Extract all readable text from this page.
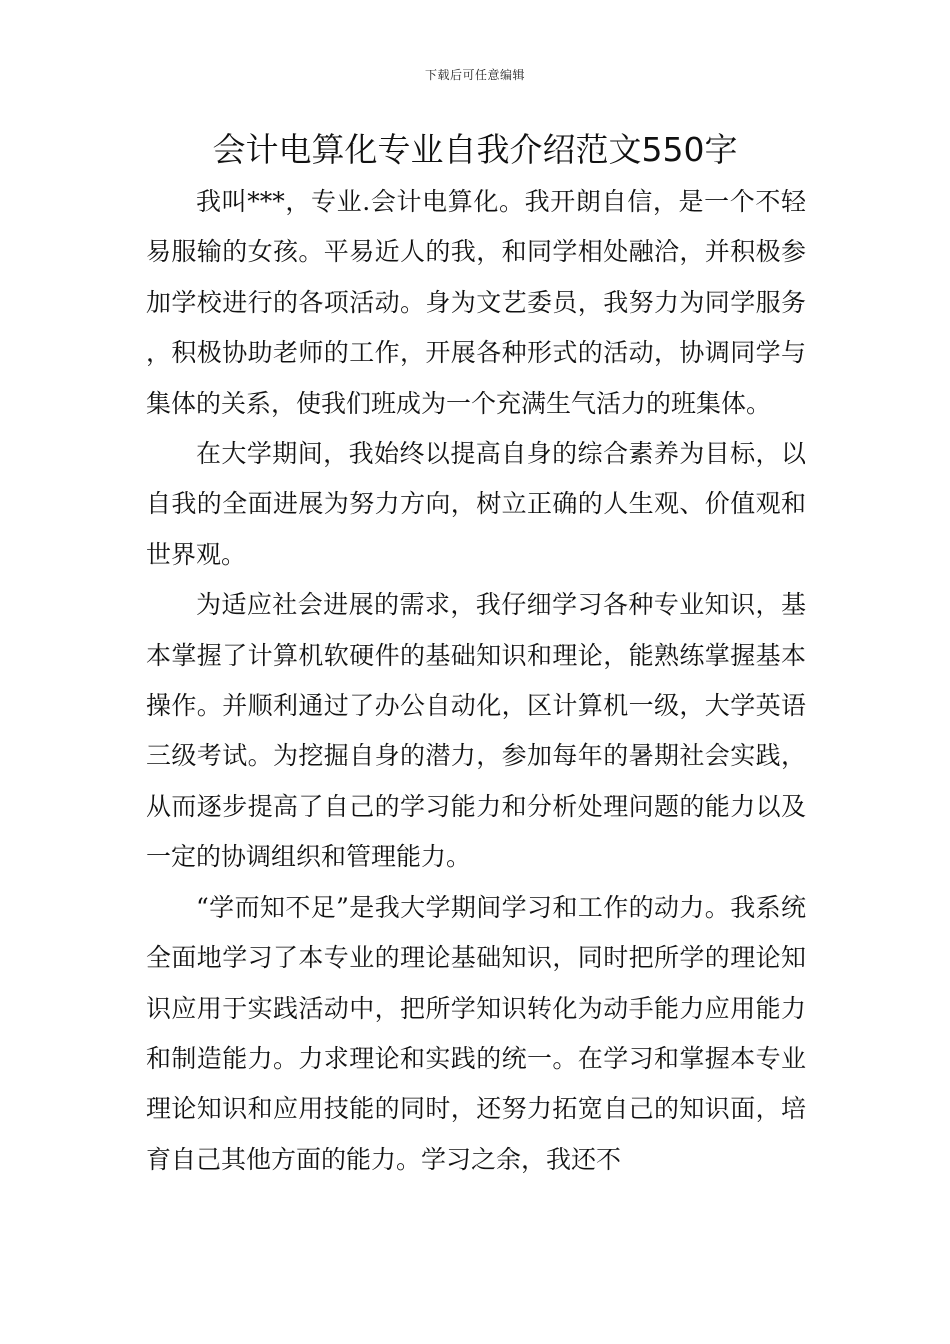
下载后可任意编辑
会计电算化专业自我介绍范文550字

我叫***，专业.会计电算化。我开朗自信，是一个不轻易服输的女孩。平易近人的我，和同学相处融洽，并积极参加学校进行的各项活动。身为文艺委员，我努力为同学服务，积极协助老师的工作，开展各种形式的活动，协调同学与集体的关系，使我们班成为一个充满生气活力的班集体。

在大学期间，我始终以提高自身的综合素养为目标，以自我的全面进展为努力方向，树立正确的人生观、价值观和世界观。

为适应社会进展的需求，我仔细学习各种专业知识，基本掌握了计算机软硬件的基础知识和理论，能熟练掌握基本操作。并顺利通过了办公自动化，区计算机一级，大学英语三级考试。为挖掘自身的潜力，参加每年的暑期社会实践，从而逐步提高了自己的学习能力和分析处理问题的能力以及一定的协调组织和管理能力。

“学而知不足”是我大学期间学习和工作的动力。我系统全面地学习了本专业的理论基础知识，同时把所学的理论知识应用于实践活动中，把所学知识转化为动手能力应用能力和制造能力。力求理论和实践的统一。在学习和掌握本专业理论知识和应用技能的同时，还努力拓宽自己的知识面，培育自己其他方面的能力。学习之余，我还不
